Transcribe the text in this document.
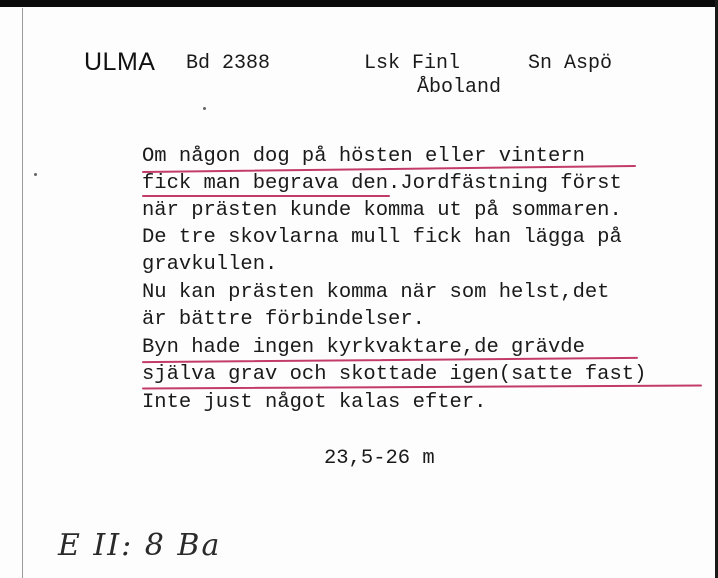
ULMA Bd 2388	Lsk Finl
Åboland
Sn Aspö
Om någon dog på hösten eller vintern
fick man begrava den.Jordfästning först
när prästen kunde komma ut på sommaren.
De tre skovlarna mull fick han lägga på
gravkullen.
Nu kan prästen komma när som helst,det
är bättre förbindelser.
Byn hade ingen kyrkvaktare,de grävde
själva grav och skottade igen(satte fast)
Inte just något kalas efter.
23,5-26 m
E II: 8 Ba
